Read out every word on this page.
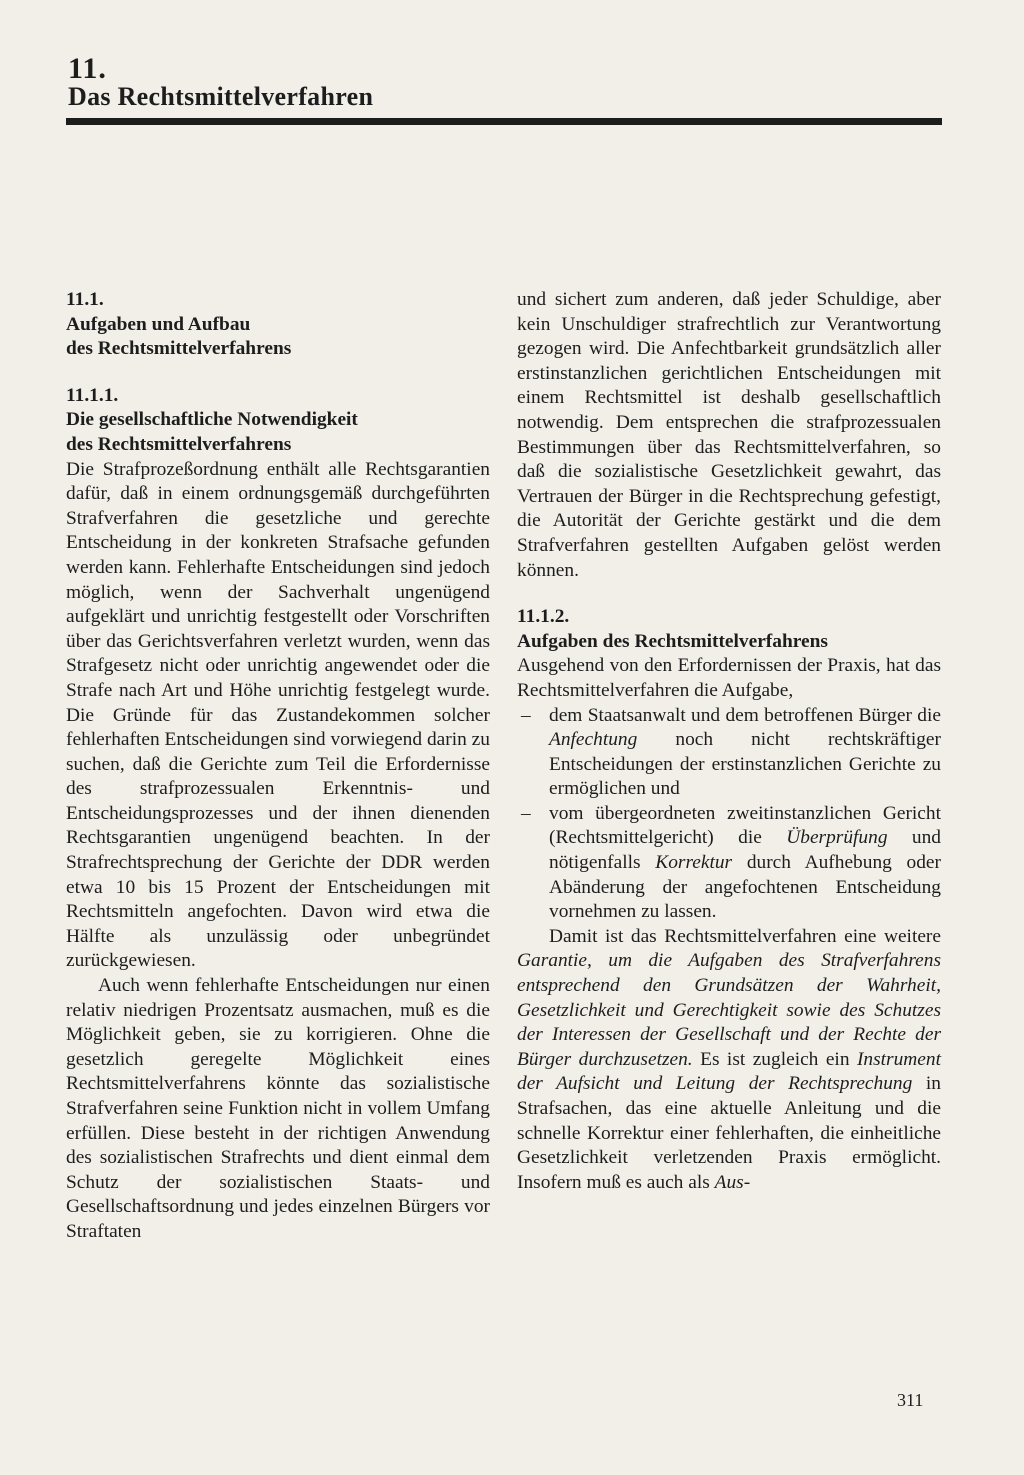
11.
Das Rechtsmittelverfahren
11.1.
Aufgaben und Aufbau
des Rechtsmittelverfahrens
11.1.1.
Die gesellschaftliche Notwendigkeit
des Rechtsmittelverfahrens

Die Strafprozeßordnung enthält alle Rechtsgarantien dafür, daß in einem ordnungsgemäß durchgeführten Strafverfahren die gesetzliche und gerechte Entscheidung in der konkreten Strafsache gefunden werden kann. Fehlerhafte Entscheidungen sind jedoch möglich, wenn der Sachverhalt ungenügend aufgeklärt und unrichtig festgestellt oder Vorschriften über das Gerichtsverfahren verletzt wurden, wenn das Strafgesetz nicht oder unrichtig angewendet oder die Strafe nach Art und Höhe unrichtig festgelegt wurde. Die Gründe für das Zustandekommen solcher fehlerhaften Entscheidungen sind vorwiegend darin zu suchen, daß die Gerichte zum Teil die Erfordernisse des strafprozessualen Erkenntnis- und Entscheidungsprozesses und der ihnen dienenden Rechtsgarantien ungenügend beachten. In der Strafrechtsprechung der Gerichte der DDR werden etwa 10 bis 15 Prozent der Entscheidungen mit Rechtsmitteln angefochten. Davon wird etwa die Hälfte als unzulässig oder unbegründet zurückgewiesen.

Auch wenn fehlerhafte Entscheidungen nur einen relativ niedrigen Prozentsatz ausmachen, muß es die Möglichkeit geben, sie zu korrigieren. Ohne die gesetzlich geregelte Möglichkeit eines Rechtsmittelverfahrens könnte das sozialistische Strafverfahren seine Funktion nicht in vollem Umfang erfüllen. Diese besteht in der richtigen Anwendung des sozialistischen Strafrechts und dient einmal dem Schutz der sozialistischen Staats- und Gesellschaftsordnung und jedes einzelnen Bürgers vor Straftaten

und sichert zum anderen, daß jeder Schuldige, aber kein Unschuldiger strafrechtlich zur Verantwortung gezogen wird. Die Anfechtbarkeit grundsätzlich aller erstinstanzlichen gerichtlichen Entscheidungen mit einem Rechtsmittel ist deshalb gesellschaftlich notwendig. Dem entsprechen die strafprozessualen Bestimmungen über das Rechtsmittelverfahren, so daß die sozialistische Gesetzlichkeit gewahrt, das Vertrauen der Bürger in die Rechtsprechung gefestigt, die Autorität der Gerichte gestärkt und die dem Strafverfahren gestellten Aufgaben gelöst werden können.

11.1.2.
Aufgaben des Rechtsmittelverfahrens

Ausgehend von den Erfordernissen der Praxis, hat das Rechtsmittelverfahren die Aufgabe,

– dem Staatsanwalt und dem betroffenen Bürger die Anfechtung noch nicht rechtskräftiger Entscheidungen der erstinstanzlichen Gerichte zu ermöglichen und
– vom übergeordneten zweitinstanzlichen Gericht (Rechtsmittelgericht) die Überprüfung und nötigenfalls Korrektur durch Aufhebung oder Abänderung der angefochtenen Entscheidung vornehmen zu lassen.

Damit ist das Rechtsmittelverfahren eine weitere Garantie, um die Aufgaben des Strafverfahrens entsprechend den Grundsätzen der Wahrheit, Gesetzlichkeit und Gerechtigkeit sowie des Schutzes der Interessen der Gesellschaft und der Rechte der Bürger durchzusetzen. Es ist zugleich ein Instrument der Aufsicht und Leitung der Rechtsprechung in Strafsachen, das eine aktuelle Anleitung und die schnelle Korrektur einer fehlerhaften, die einheitliche Gesetzlichkeit verletzenden Praxis ermöglicht. Insofern muß es auch als Aus-

311
